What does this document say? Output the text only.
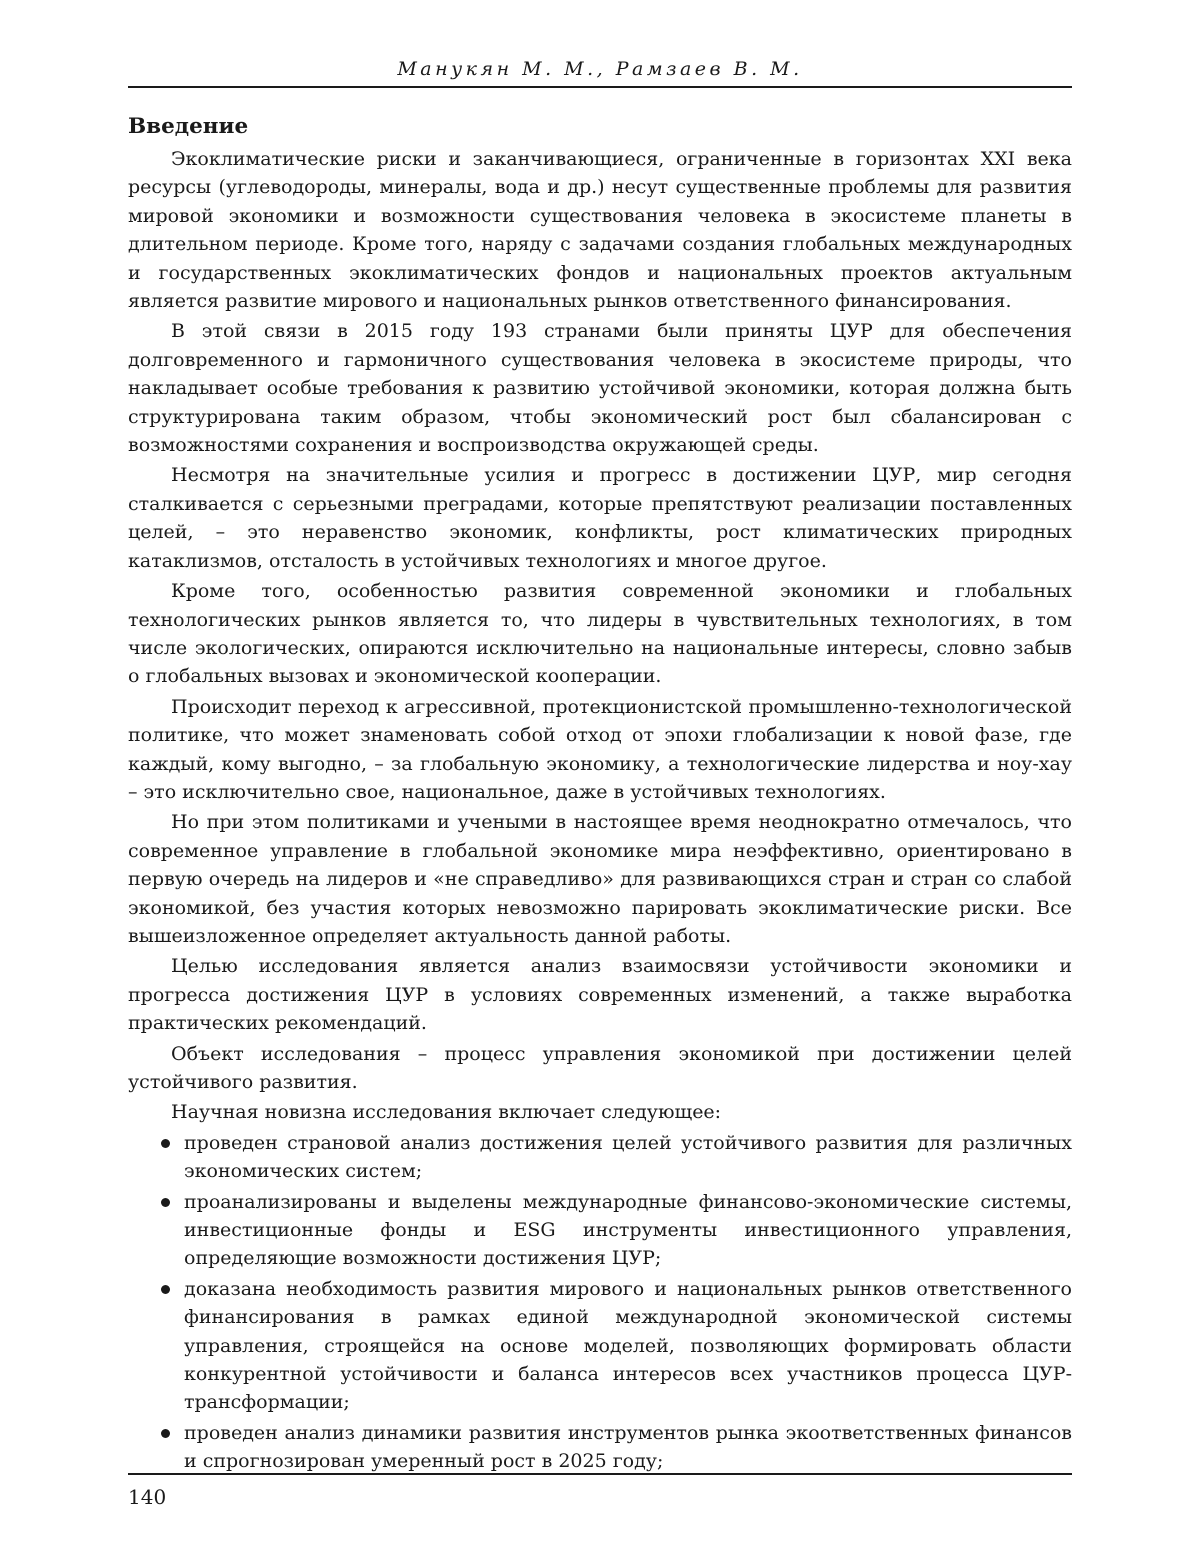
Манукян М. М., Рамзаев В. М.
Введение

Экоклиматические риски и заканчивающиеся, ограниченные в горизонтах XXI века ресурсы (углеводороды, минералы, вода и др.) несут существенные проблемы для развития мировой экономики и возможности существования человека в экосистеме планеты в длительном периоде. Кроме того, наряду с задачами создания глобальных международных и государственных экоклиматических фондов и национальных проектов актуальным является развитие мирового и национальных рынков ответственного финансирования.

В этой связи в 2015 году 193 странами были приняты ЦУР для обеспечения долговременного и гармоничного существования человека в экосистеме природы, что накладывает особые требования к развитию устойчивой экономики, которая должна быть структурирована таким образом, чтобы экономический рост был сбалансирован с возможностями сохранения и воспроизводства окружающей среды.

Несмотря на значительные усилия и прогресс в достижении ЦУР, мир сегодня сталкивается с серьезными преградами, которые препятствуют реализации поставленных целей, – это неравенство экономик, конфликты, рост климатических природных катаклизмов, отсталость в устойчивых технологиях и многое другое.

Кроме того, особенностью развития современной экономики и глобальных технологических рынков является то, что лидеры в чувствительных технологиях, в том числе экологических, опираются исключительно на национальные интересы, словно забыв о глобальных вызовах и экономической кооперации.

Происходит переход к агрессивной, протекционистской промышленно-технологической политике, что может знаменовать собой отход от эпохи глобализации к новой фазе, где каждый, кому выгодно, – за глобальную экономику, а технологические лидерства и ноу-хау – это исключительно свое, национальное, даже в устойчивых технологиях.

Но при этом политиками и учеными в настоящее время неоднократно отмечалось, что современное управление в глобальной экономике мира неэффективно, ориентировано в первую очередь на лидеров и «не справедливо» для развивающихся стран и стран со слабой экономикой, без участия которых невозможно парировать экоклиматические риски. Все вышеизложенное определяет актуальность данной работы.

Целью исследования является анализ взаимосвязи устойчивости экономики и прогресса достижения ЦУР в условиях современных изменений, а также выработка практических рекомендаций.

Объект исследования – процесс управления экономикой при достижении целей устойчивого развития.

Научная новизна исследования включает следующее:

проведен страновой анализ достижения целей устойчивого развития для различных экономических систем;
проанализированы и выделены международные финансово-экономические системы, инвестиционные фонды и ESG инструменты инвестиционного управления, определяющие возможности достижения ЦУР;
доказана необходимость развития мирового и национальных рынков ответственного финансирования в рамках единой международной экономической системы управления, строящейся на основе моделей, позволяющих формировать области конкурентной устойчивости и баланса интересов всех участников процесса ЦУР-трансформации;
проведен анализ динамики развития инструментов рынка экоответственных финансов и спрогнозирован умеренный рост в 2025 году;
140
